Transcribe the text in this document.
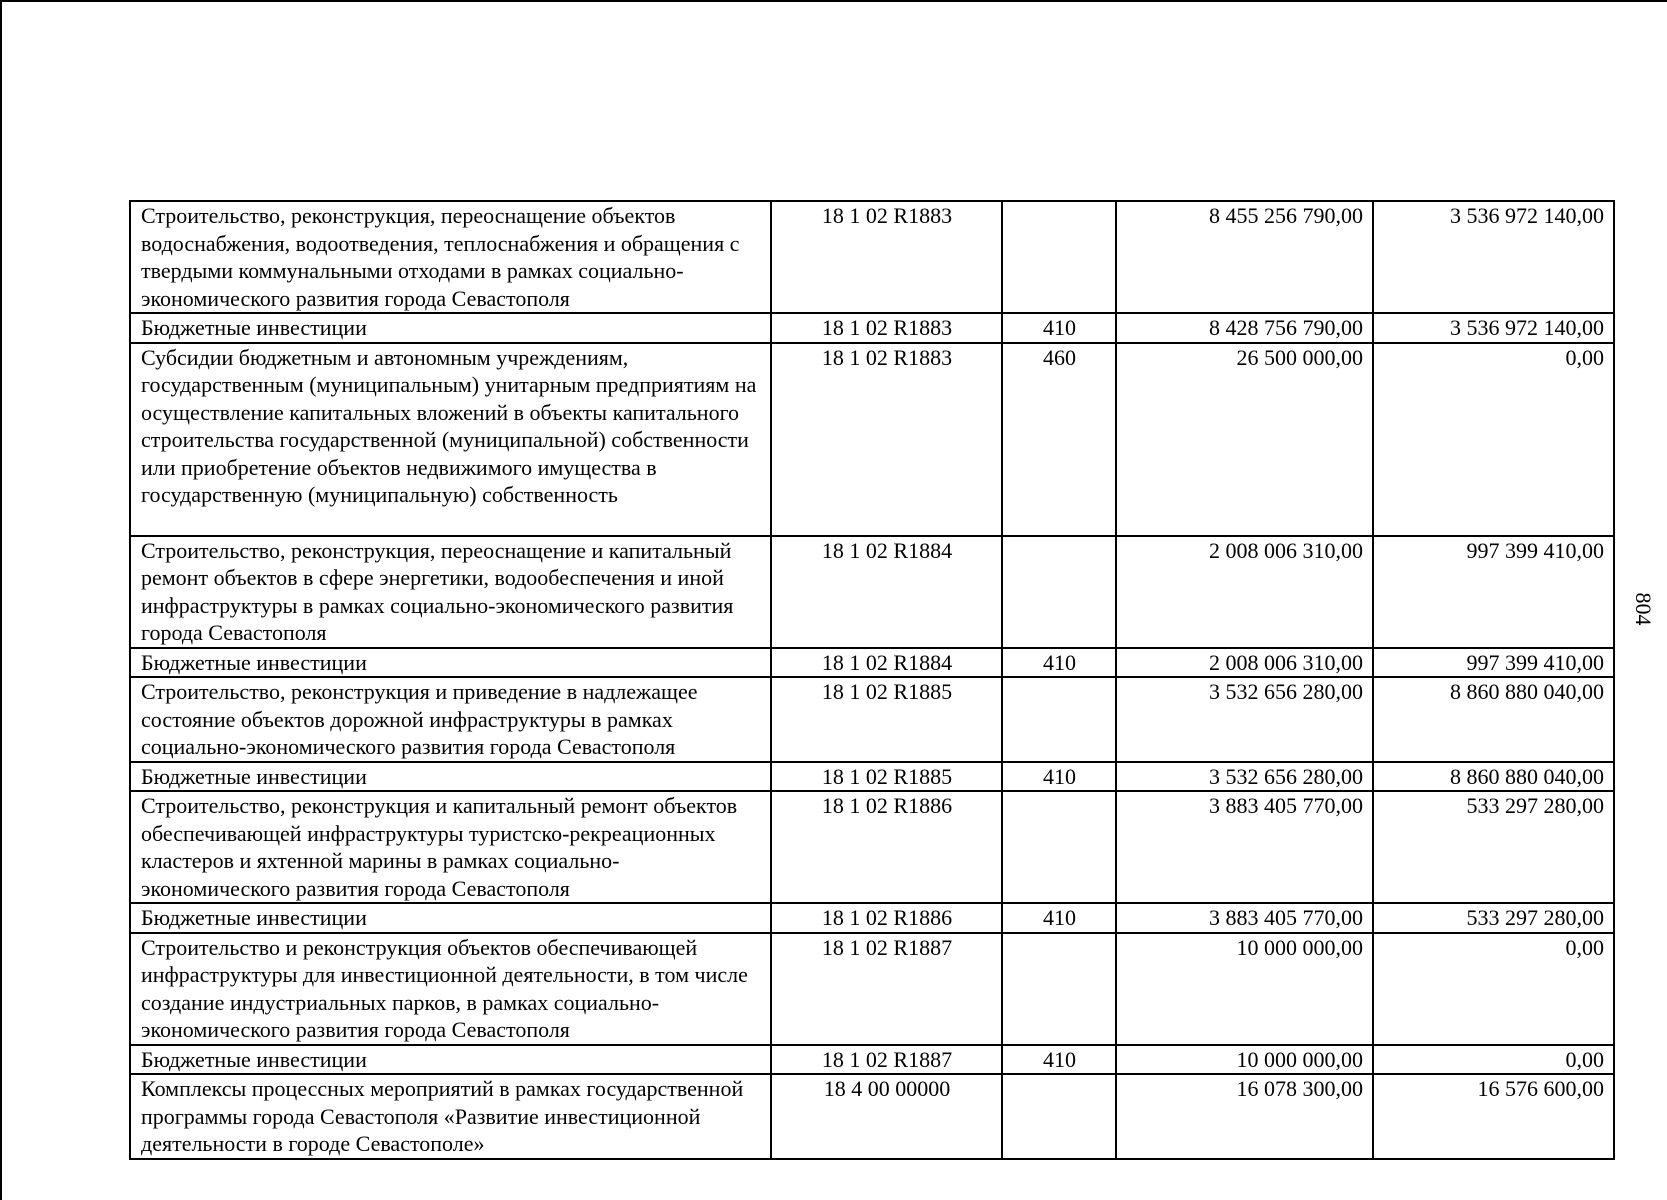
Строительство, реконструкция, переоснащение объектов водоснабжения, водоотведения, теплоснабжения и обращения с твердыми коммунальными отходами в рамках социально-экономического развития города Севастополя	18 1 02 R1883		8 455 256 790,00	3 536 972 140,00
Бюджетные инвестиции	18 1 02 R1883	410	8 428 756 790,00	3 536 972 140,00
Субсидии бюджетным и автономным учреждениям, государственным (муниципальным) унитарным предприятиям на осуществление капитальных вложений в объекты капитального строительства государственной (муниципальной) собственности или приобретение объектов недвижимого имущества в государственную (муниципальную) собственность	18 1 02 R1883	460	26 500 000,00	0,00
Строительство, реконструкция, переоснащение и капитальный ремонт объектов в сфере энергетики, водообеспечения и иной инфраструктуры в рамках социально-экономического развития города Севастополя	18 1 02 R1884		2 008 006 310,00	997 399 410,00
Бюджетные инвестиции	18 1 02 R1884	410	2 008 006 310,00	997 399 410,00
Строительство, реконструкция и приведение в надлежащее состояние объектов дорожной инфраструктуры в рамках социально-экономического развития города Севастополя	18 1 02 R1885		3 532 656 280,00	8 860 880 040,00
Бюджетные инвестиции	18 1 02 R1885	410	3 532 656 280,00	8 860 880 040,00
Строительство, реконструкция и капитальный ремонт объектов обеспечивающей инфраструктуры туристско-рекреационных кластеров и яхтенной марины в рамках социально-экономического развития города Севастополя	18 1 02 R1886		3 883 405 770,00	533 297 280,00
Бюджетные инвестиции	18 1 02 R1886	410	3 883 405 770,00	533 297 280,00
Строительство и реконструкция объектов обеспечивающей инфраструктуры для инвестиционной деятельности, в том числе создание индустриальных парков, в рамках социально-экономического развития города Севастополя	18 1 02 R1887		10 000 000,00	0,00
Бюджетные инвестиции	18 1 02 R1887	410	10 000 000,00	0,00
Комплексы процессных мероприятий в рамках государственной программы города Севастополя «Развитие инвестиционной деятельности в городе Севастополе»	18 4 00 00000		16 078 300,00	16 576 600,00
804
